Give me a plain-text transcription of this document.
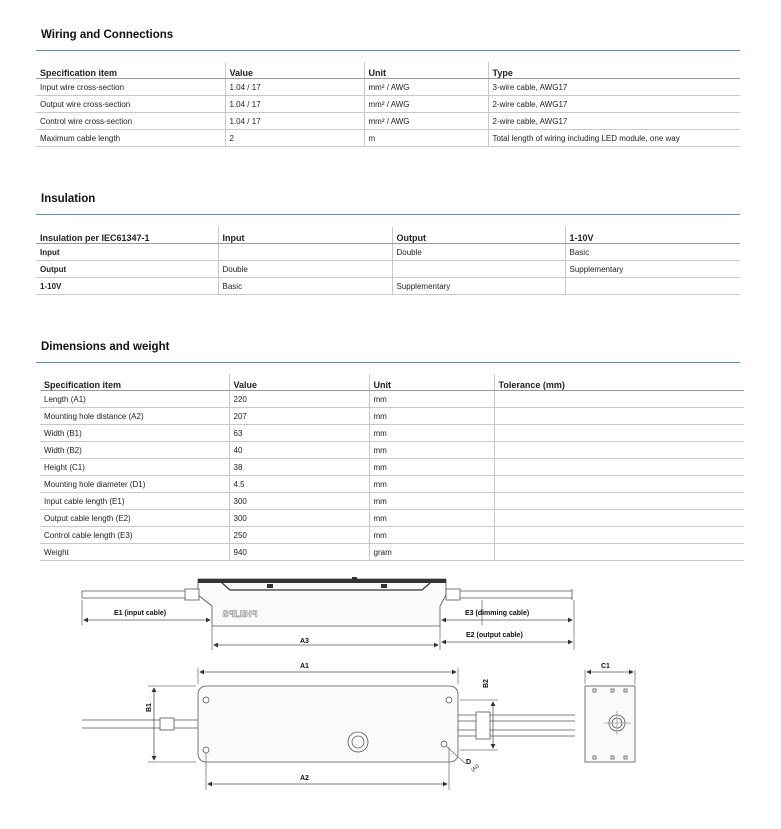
Wiring and Connections
Specification item	Value	Unit	Type
Input wire cross-section	1.04 / 17	mm² / AWG	3-wire cable, AWG17
Output wire cross-section	1.04 / 17	mm² / AWG	2-wire cable, AWG17
Control wire cross-section	1.04 / 17	mm² / AWG	2-wire cable, AWG17
Maximum cable length	2	m	Total length of wiring including LED module, one way
Insulation
Insulation per IEC61347-1	Input	Output	1-10V
Input		Double	Basic
Output	Double		Supplementary
1-10V	Basic	Supplementary	
Dimensions and weight
Specification item	Value	Unit	Tolerance (mm)
Length (A1)	220	mm	
Mounting hole distance (A2)	207	mm	
Width (B1)	63	mm	
Width (B2)	40	mm	
Height (C1)	38	mm	
Mounting hole diameter (D1)	4.5	mm	
Input cable length (E1)	300	mm	
Output cable length (E2)	300	mm	
Control cable length (E3)	250	mm	
Weight	940	gram	
PHILIPS
E1 (input cable)	E3 (dimming cable)
E2 (output cable)
A3
A1
A2
B1
B2
C1
D
(4x)
